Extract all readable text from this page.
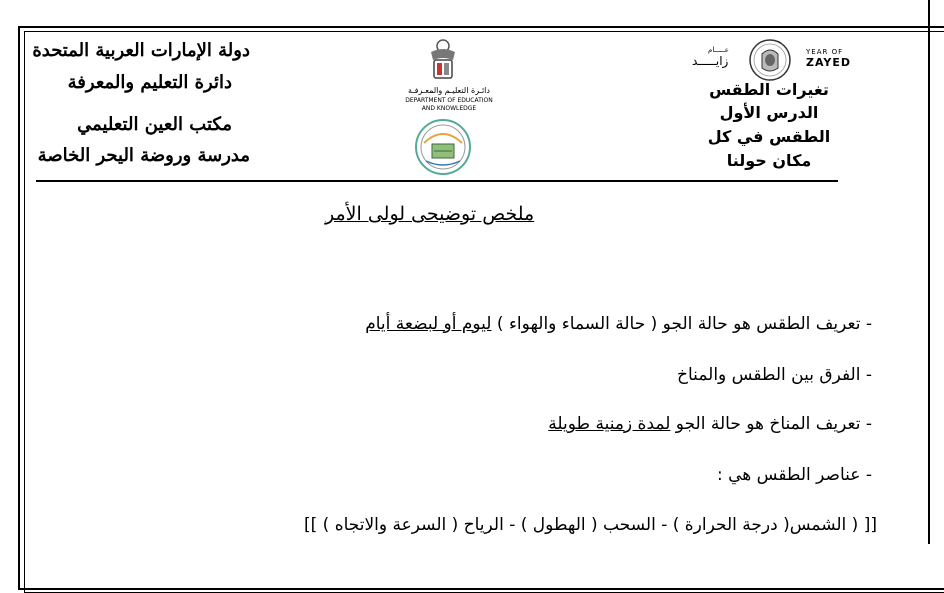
دولة الإمارات العربية المتحدة
دائرة التعليم والمعرفة
مكتب العين التعليمي
مدرسة وروضة اليحر الخاصة
دائـرة التعليـم والمعـرفـة
DEPARTMENT OF EDUCATION
AND KNOWLEDGE
YEAR OF
ZAYED
عـــــام
زايـــــد
تغيرات الطقس
الدرس الأول
الطقس في كل
مكان حولنا
ملخص توضيحى لولى الأمر
- تعريف الطقس هو حالة الجو ( حالة السماء والهواء ) ليوم أو لبضعة أيام
- الفرق بين الطقس والمناخ
- تعريف المناخ هو حالة الجو لمدة زمنية طويلة
- عناصر الطقس هي :
[[ ( الشمس( درجة الحرارة ) - السحب ( الهطول ) - الرياح ( السرعة والاتجاه ) ]]
